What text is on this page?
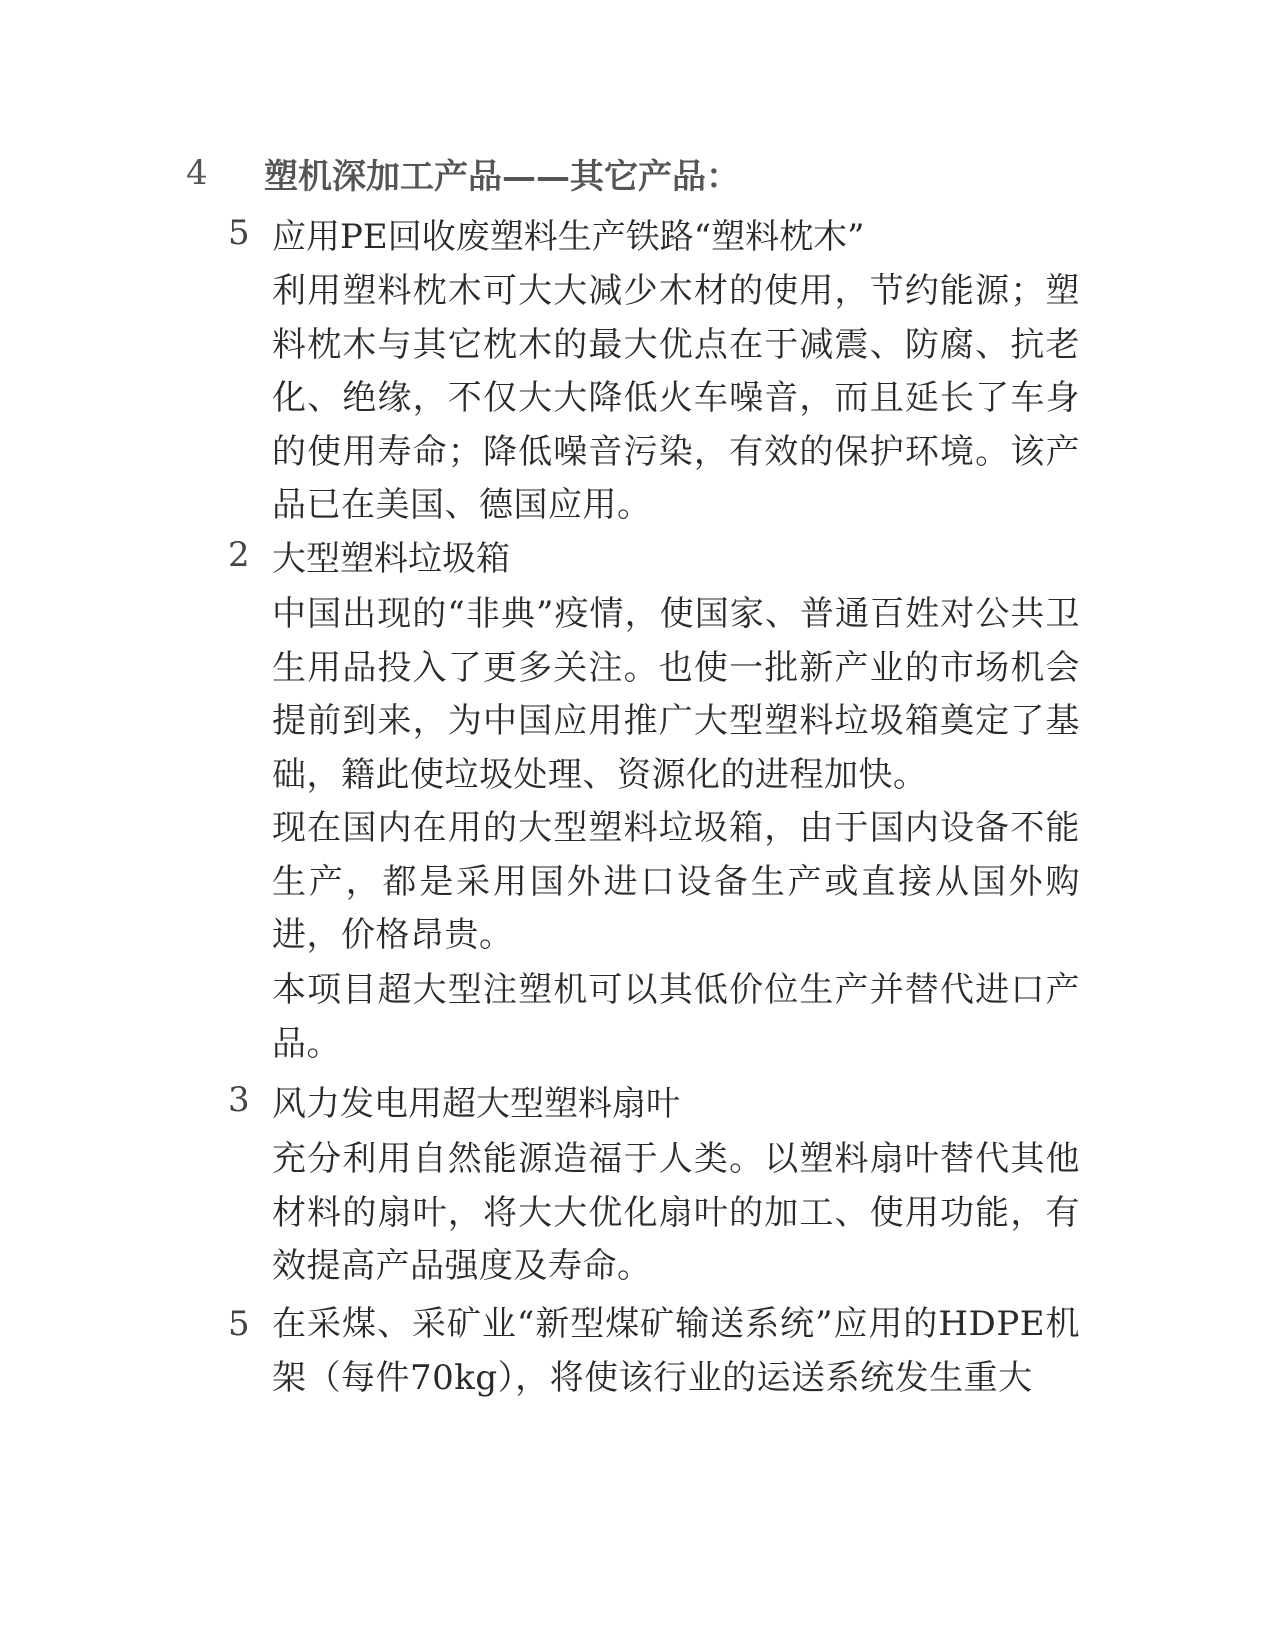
4	塑机深加工产品——其它产品：
5 应用PE回收废塑料生产铁路“塑料枕木”
利用塑料枕木可大大减少木材的使用，节约能源；塑料枕木与其它枕木的最大优点在于减震、防腐、抗老化、绝缘，不仅大大降低火车噪音，而且延长了车身的使用寿命；降低噪音污染，有效的保护环境。该产品已在美国、德国应用。
2 大型塑料垃圾箱
中国出现的“非典”疫情，使国家、普通百姓对公共卫生用品投入了更多关注。也使一批新产业的市场机会提前到来，为中国应用推广大型塑料垃圾箱奠定了基础，籍此使垃圾处理、资源化的进程加快。
现在国内在用的大型塑料垃圾箱，由于国内设备不能生产，都是采用国外进口设备生产或直接从国外购进，价格昂贵。
本项目超大型注塑机可以其低价位生产并替代进口产品。
3 风力发电用超大型塑料扇叶
充分利用自然能源造福于人类。以塑料扇叶替代其他材料的扇叶，将大大优化扇叶的加工、使用功能，有效提高产品强度及寿命。
5 在采煤、采矿业“新型煤矿输送系统”应用的HDPE机架（每件70kg），将使该行业的运送系统发生重大
